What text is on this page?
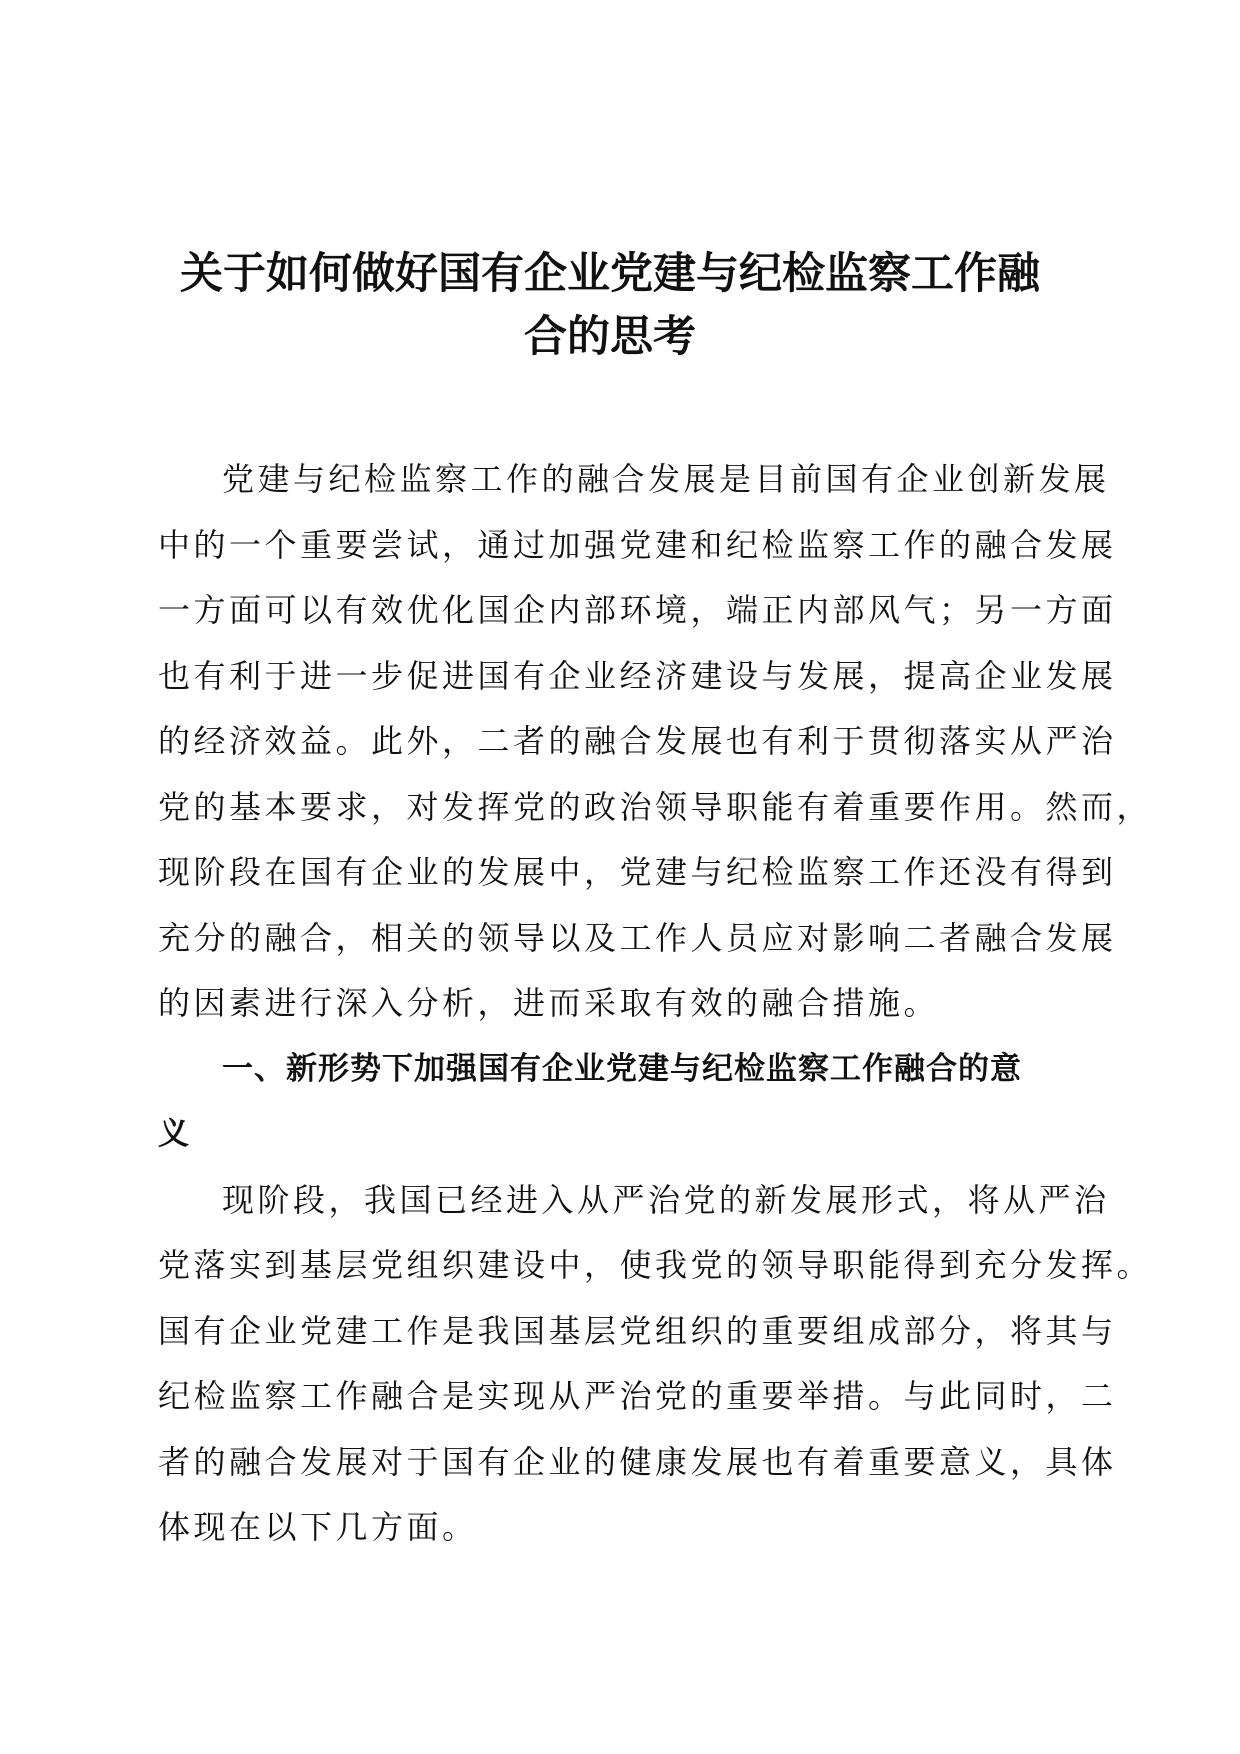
关于如何做好国有企业党建与纪检监察工作融
合的思考
党建与纪检监察工作的融合发展是目前国有企业创新发展
中的一个重要尝试，通过加强党建和纪检监察工作的融合发展
一方面可以有效优化国企内部环境，端正内部风气；另一方面
也有利于进一步促进国有企业经济建设与发展，提高企业发展
的经济效益。此外，二者的融合发展也有利于贯彻落实从严治
党的基本要求，对发挥党的政治领导职能有着重要作用。然而，
现阶段在国有企业的发展中，党建与纪检监察工作还没有得到
充分的融合，相关的领导以及工作人员应对影响二者融合发展
的因素进行深入分析，进而采取有效的融合措施。
一、新形势下加强国有企业党建与纪检监察工作融合的意
义
现阶段，我国已经进入从严治党的新发展形式，将从严治
党落实到基层党组织建设中，使我党的领导职能得到充分发挥。
国有企业党建工作是我国基层党组织的重要组成部分，将其与
纪检监察工作融合是实现从严治党的重要举措。与此同时，二
者的融合发展对于国有企业的健康发展也有着重要意义，具体
体现在以下几方面。
